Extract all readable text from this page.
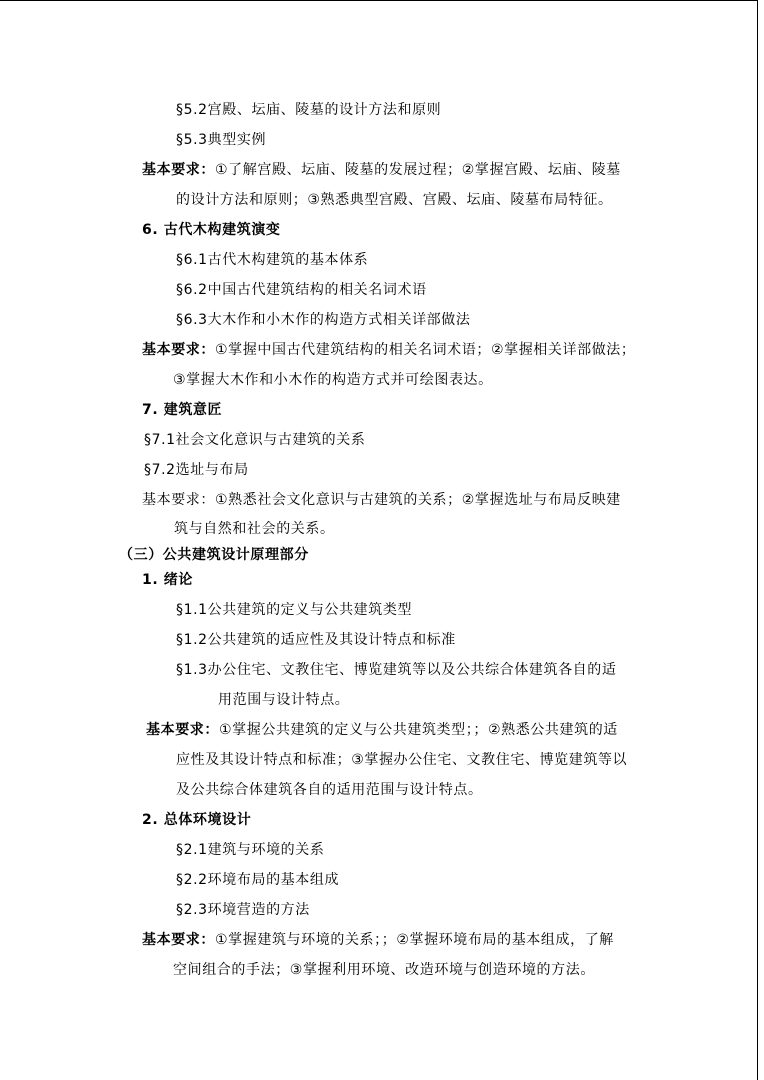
§5.2宫殿、坛庙、陵墓的设计方法和原则
§5.3典型实例
基本要求：①了解宫殿、坛庙、陵墓的发展过程；②掌握宫殿、坛庙、陵墓
的设计方法和原则；③熟悉典型宫殿、宫殿、坛庙、陵墓布局特征。
6. 古代木构建筑演变
§6.1古代木构建筑的基本体系
§6.2中国古代建筑结构的相关名词术语
§6.3大木作和小木作的构造方式相关详部做法
基本要求：①掌握中国古代建筑结构的相关名词术语；②掌握相关详部做法；
③掌握大木作和小木作的构造方式并可绘图表达。
7. 建筑意匠
§7.1社会文化意识与古建筑的关系
§7.2选址与布局
基本要求：①熟悉社会文化意识与古建筑的关系；②掌握选址与布局反映建
筑与自然和社会的关系。
（三）公共建筑设计原理部分
1. 绪论
§1.1公共建筑的定义与公共建筑类型
§1.2公共建筑的适应性及其设计特点和标准
§1.3办公住宅、文教住宅、博览建筑等以及公共综合体建筑各自的适
用范围与设计特点。
基本要求：①掌握公共建筑的定义与公共建筑类型；；②熟悉公共建筑的适
应性及其设计特点和标准；③掌握办公住宅、文教住宅、博览建筑等以
及公共综合体建筑各自的适用范围与设计特点。
2. 总体环境设计
§2.1建筑与环境的关系
§2.2环境布局的基本组成
§2.3环境营造的方法
基本要求：①掌握建筑与环境的关系；；②掌握环境布局的基本组成，了解
空间组合的手法；③掌握利用环境、改造环境与创造环境的方法。
